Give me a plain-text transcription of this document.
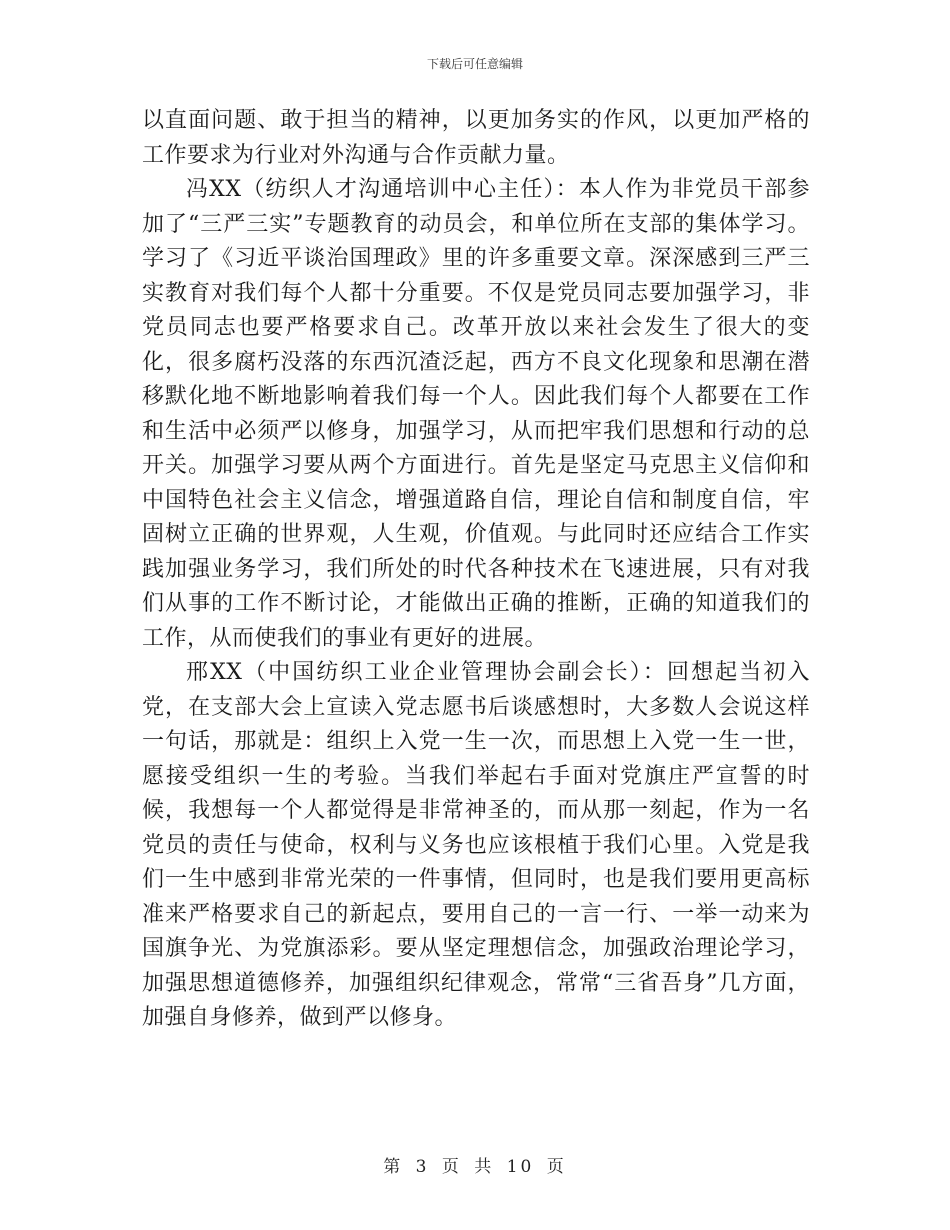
下载后可任意编辑

以直面问题、敢于担当的精神，以更加务实的作风，以更加严格的工作要求为行业对外沟通与合作贡献力量。

冯XX（纺织人才沟通培训中心主任）：本人作为非党员干部参加了“三严三实”专题教育的动员会，和单位所在支部的集体学习。学习了《习近平谈治国理政》里的许多重要文章。深深感到三严三实教育对我们每个人都十分重要。不仅是党员同志要加强学习，非党员同志也要严格要求自己。改革开放以来社会发生了很大的变化，很多腐朽没落的东西沉渣泛起，西方不良文化现象和思潮在潜移默化地不断地影响着我们每一个人。因此我们每个人都要在工作和生活中必须严以修身，加强学习，从而把牢我们思想和行动的总开关。加强学习要从两个方面进行。首先是坚定马克思主义信仰和中国特色社会主义信念，增强道路自信，理论自信和制度自信，牢固树立正确的世界观，人生观，价值观。与此同时还应结合工作实践加强业务学习，我们所处的时代各种技术在飞速进展，只有对我们从事的工作不断讨论，才能做出正确的推断，正确的知道我们的工作，从而使我们的事业有更好的进展。

邢XX（中国纺织工业企业管理协会副会长）：回想起当初入党，在支部大会上宣读入党志愿书后谈感想时，大多数人会说这样一句话，那就是：组织上入党一生一次，而思想上入党一生一世，愿接受组织一生的考验。当我们举起右手面对党旗庄严宣誓的时候，我想每一个人都觉得是非常神圣的，而从那一刻起，作为一名党员的责任与使命，权利与义务也应该根植于我们心里。入党是我们一生中感到非常光荣的一件事情，但同时，也是我们要用更高标准来严格要求自己的新起点，要用自己的一言一行、一举一动来为国旗争光、为党旗添彩。要从坚定理想信念，加强政治理论学习，加强思想道德修养，加强组织纪律观念，常常“三省吾身”几方面，加强自身修养，做到严以修身。

第 3 页 共 10 页
